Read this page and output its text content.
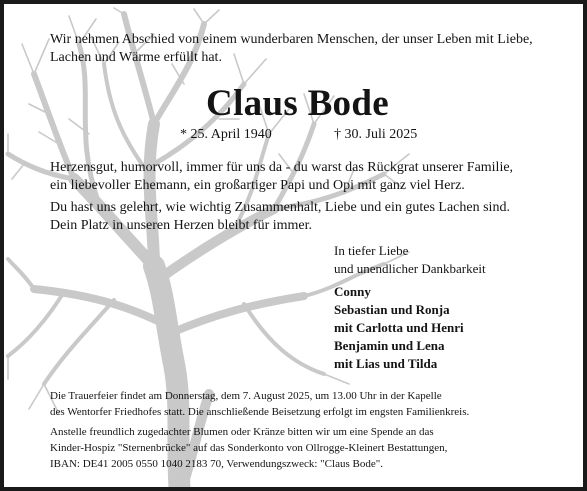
Wir nehmen Abschied von einem wunderbaren Menschen, der unser Leben mit Liebe,
Lachen und Wärme erfüllt hat.
Claus Bode
* 25. April 1940	† 30. Juli 2025
Herzensgut, humorvoll, immer für uns da - du warst das Rückgrat unserer Familie,
ein liebevoller Ehemann, ein großartiger Papi und Opi mit ganz viel Herz.
Du hast uns gelehrt, wie wichtig Zusammenhalt, Liebe und ein gutes Lachen sind.
Dein Platz in unseren Herzen bleibt für immer.
In tiefer Liebe
und unendlicher Dankbarkeit
Conny
Sebastian und Ronja
mit Carlotta und Henri
Benjamin und Lena
mit Lias und Tilda
Die Trauerfeier findet am Donnerstag, dem 7. August 2025, um 13.00 Uhr in der Kapelle
des Wentorfer Friedhofes statt. Die anschließende Beisetzung erfolgt im engsten Familienkreis.
Anstelle freundlich zugedachter Blumen oder Kränze bitten wir um eine Spende an das
Kinder-Hospiz "Sternenbrücke" auf das Sonderkonto von Ollrogge-Kleinert Bestattungen,
IBAN: DE41 2005 0550 1040 2183 70, Verwendungszweck: "Claus Bode".
